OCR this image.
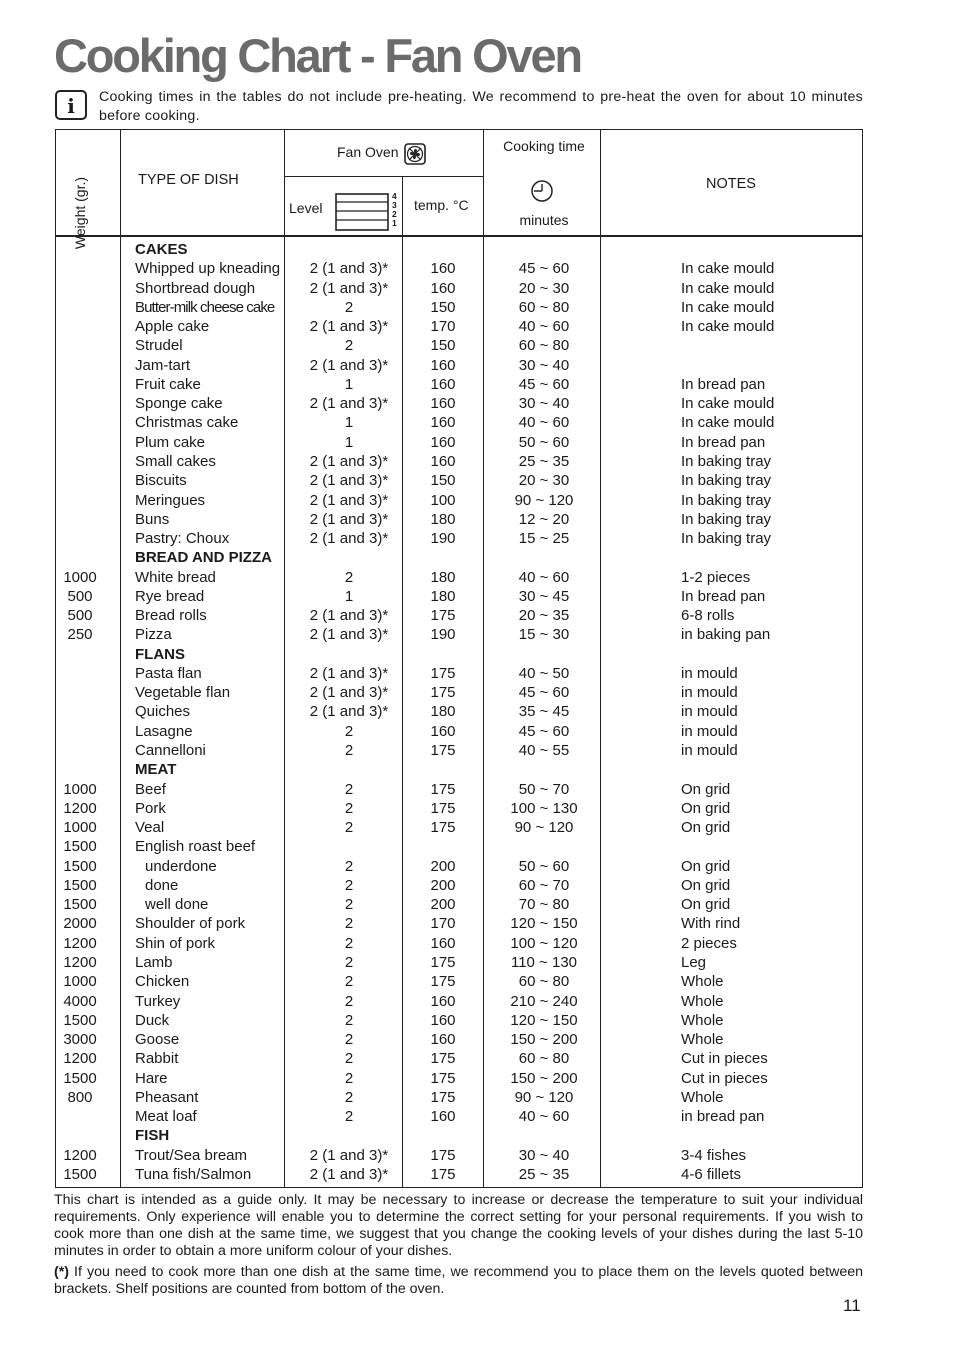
Cooking Chart - Fan Oven
i	Cooking times in the tables do not include pre-heating. We recommend to pre-heat the oven for about 10 minutes before cooking.
Weight (gr.)	TYPE OF DISH
Fan Oven
Level
4
3
2
1
temp. °C
Cooking time
minutes
NOTES
CAKES
Whipped up kneading	2 (1 and 3)*	160	45 ~ 60	In cake mould
Shortbread dough	2 (1 and 3)*	160	20 ~ 30	In cake mould
Butter-milk cheese cake	2	150	60 ~ 80	In cake mould
Apple cake	2 (1 and 3)*	170	40 ~ 60	In cake mould
Strudel	2	150	60 ~ 80
Jam-tart	2 (1 and 3)*	160	30 ~ 40
Fruit cake	1	160	45 ~ 60	In bread pan
Sponge cake	2 (1 and 3)*	160	30 ~ 40	In cake mould
Christmas cake	1	160	40 ~ 60	In cake mould
Plum cake	1	160	50 ~ 60	In bread pan
Small cakes	2 (1 and 3)*	160	25 ~ 35	In baking tray
Biscuits	2 (1 and 3)*	150	20 ~ 30	In baking tray
Meringues	2 (1 and 3)*	100	90 ~ 120	In baking tray
Buns	2 (1 and 3)*	180	12 ~ 20	In baking tray
Pastry: Choux	2 (1 and 3)*	190	15 ~ 25	In baking tray
BREAD AND PIZZA
1000	White bread	2	180	40 ~ 60	1-2 pieces
500	Rye bread	1	180	30 ~ 45	In bread pan
500	Bread rolls	2 (1 and 3)*	175	20 ~ 35	6-8 rolls
250	Pizza	2 (1 and 3)*	190	15 ~ 30	in baking pan
FLANS
Pasta flan	2 (1 and 3)*	175	40 ~ 50	in mould
Vegetable flan	2 (1 and 3)*	175	45 ~ 60	in mould
Quiches	2 (1 and 3)*	180	35 ~ 45	in mould
Lasagne	2	160	45 ~ 60	in mould
Cannelloni	2	175	40 ~ 55	in mould
MEAT
1000	Beef	2	175	50 ~ 70	On grid
1200	Pork	2	175	100 ~ 130	On grid
1000	Veal	2	175	90 ~ 120	On grid
1500	English roast beef
1500	underdone	2	200	50 ~ 60	On grid
1500	done	2	200	60 ~ 70	On grid
1500	well done	2	200	70 ~ 80	On grid
2000	Shoulder of pork	2	170	120 ~ 150	With rind
1200	Shin of pork	2	160	100 ~ 120	2 pieces
1200	Lamb	2	175	110 ~ 130	Leg
1000	Chicken	2	175	60 ~ 80	Whole
4000	Turkey	2	160	210 ~ 240	Whole
1500	Duck	2	160	120 ~ 150	Whole
3000	Goose	2	160	150 ~ 200	Whole
1200	Rabbit	2	175	60 ~ 80	Cut in pieces
1500	Hare	2	175	150 ~ 200	Cut in pieces
800	Pheasant	2	175	90 ~ 120	Whole
Meat loaf	2	160	40 ~ 60	in bread pan
FISH
1200	Trout/Sea bream	2 (1 and 3)*	175	30 ~ 40	3-4 fishes
1500	Tuna fish/Salmon	2 (1 and 3)*	175	25 ~ 35	4-6 fillets

This chart is intended as a guide only. It may be necessary to increase or decrease the temperature to suit your individual requirements. Only experience will enable you to determine the correct setting for your personal requirements. If you wish to cook more than one dish at the same time, we suggest that you change the cooking levels of your dishes during the last 5-10 minutes in order to obtain a more uniform colour of your dishes.

(*) If you need to cook more than one dish at the same time, we recommend you to place them on the levels quoted between brackets. Shelf positions are counted from bottom of the oven.

11
